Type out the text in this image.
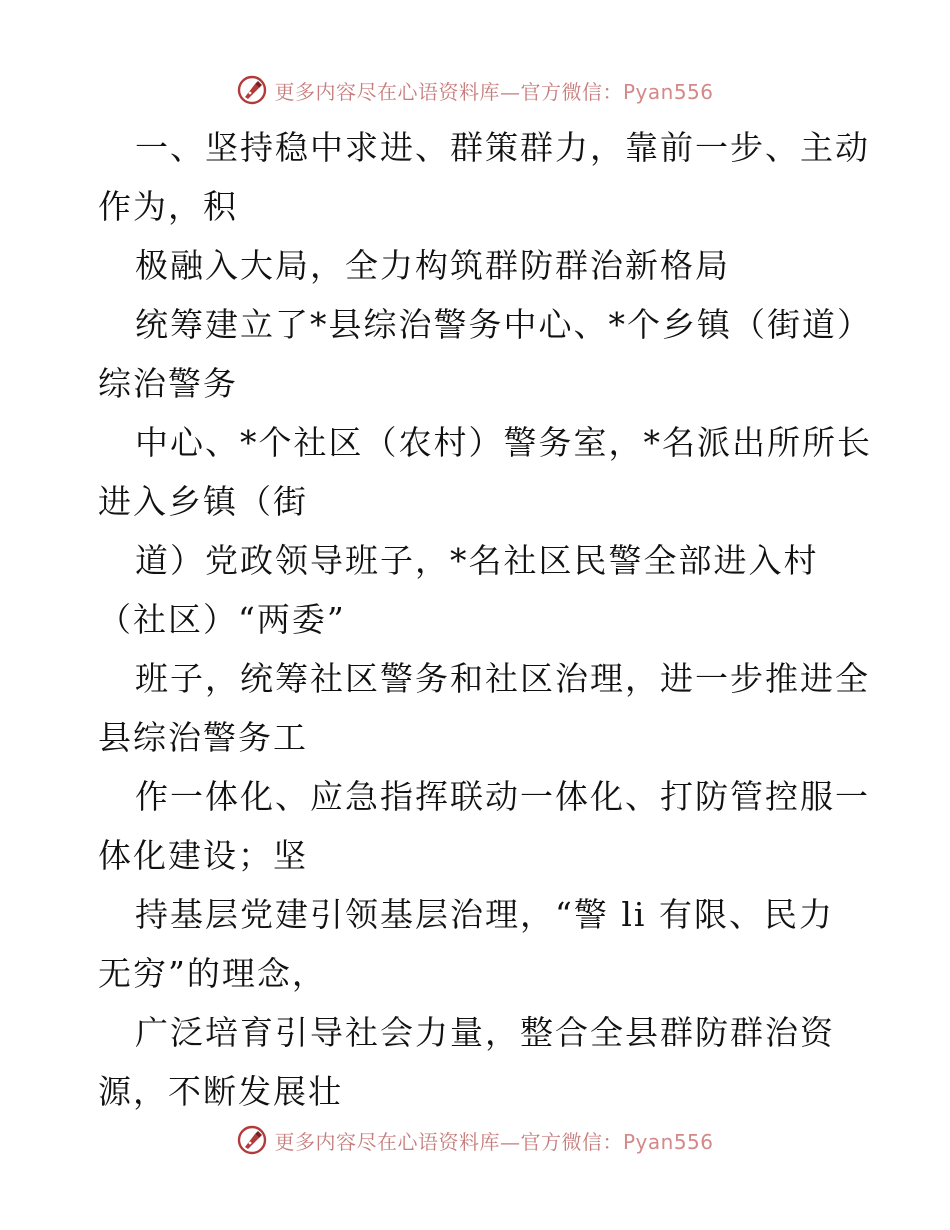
更多内容尽在心语资料库—官方微信：Pyan556
一、坚持稳中求进、群策群力，靠前一步、主动
作为，积
极融入大局，全力构筑群防群治新格局
统筹建立了*县综治警务中心、*个乡镇（街道）
综治警务
中心、*个社区（农村）警务室，*名派出所所长
进入乡镇（街
道）党政领导班子，*名社区民警全部进入村
（社区）“两委”
班子，统筹社区警务和社区治理，进一步推进全
县综治警务工
作一体化、应急指挥联动一体化、打防管控服一
体化建设；坚
持基层党建引领基层治理，“警 li 有限、民力
无穷”的理念，
广泛培育引导社会力量，整合全县群防群治资
源，不断发展壮
更多内容尽在心语资料库—官方微信：Pyan556
